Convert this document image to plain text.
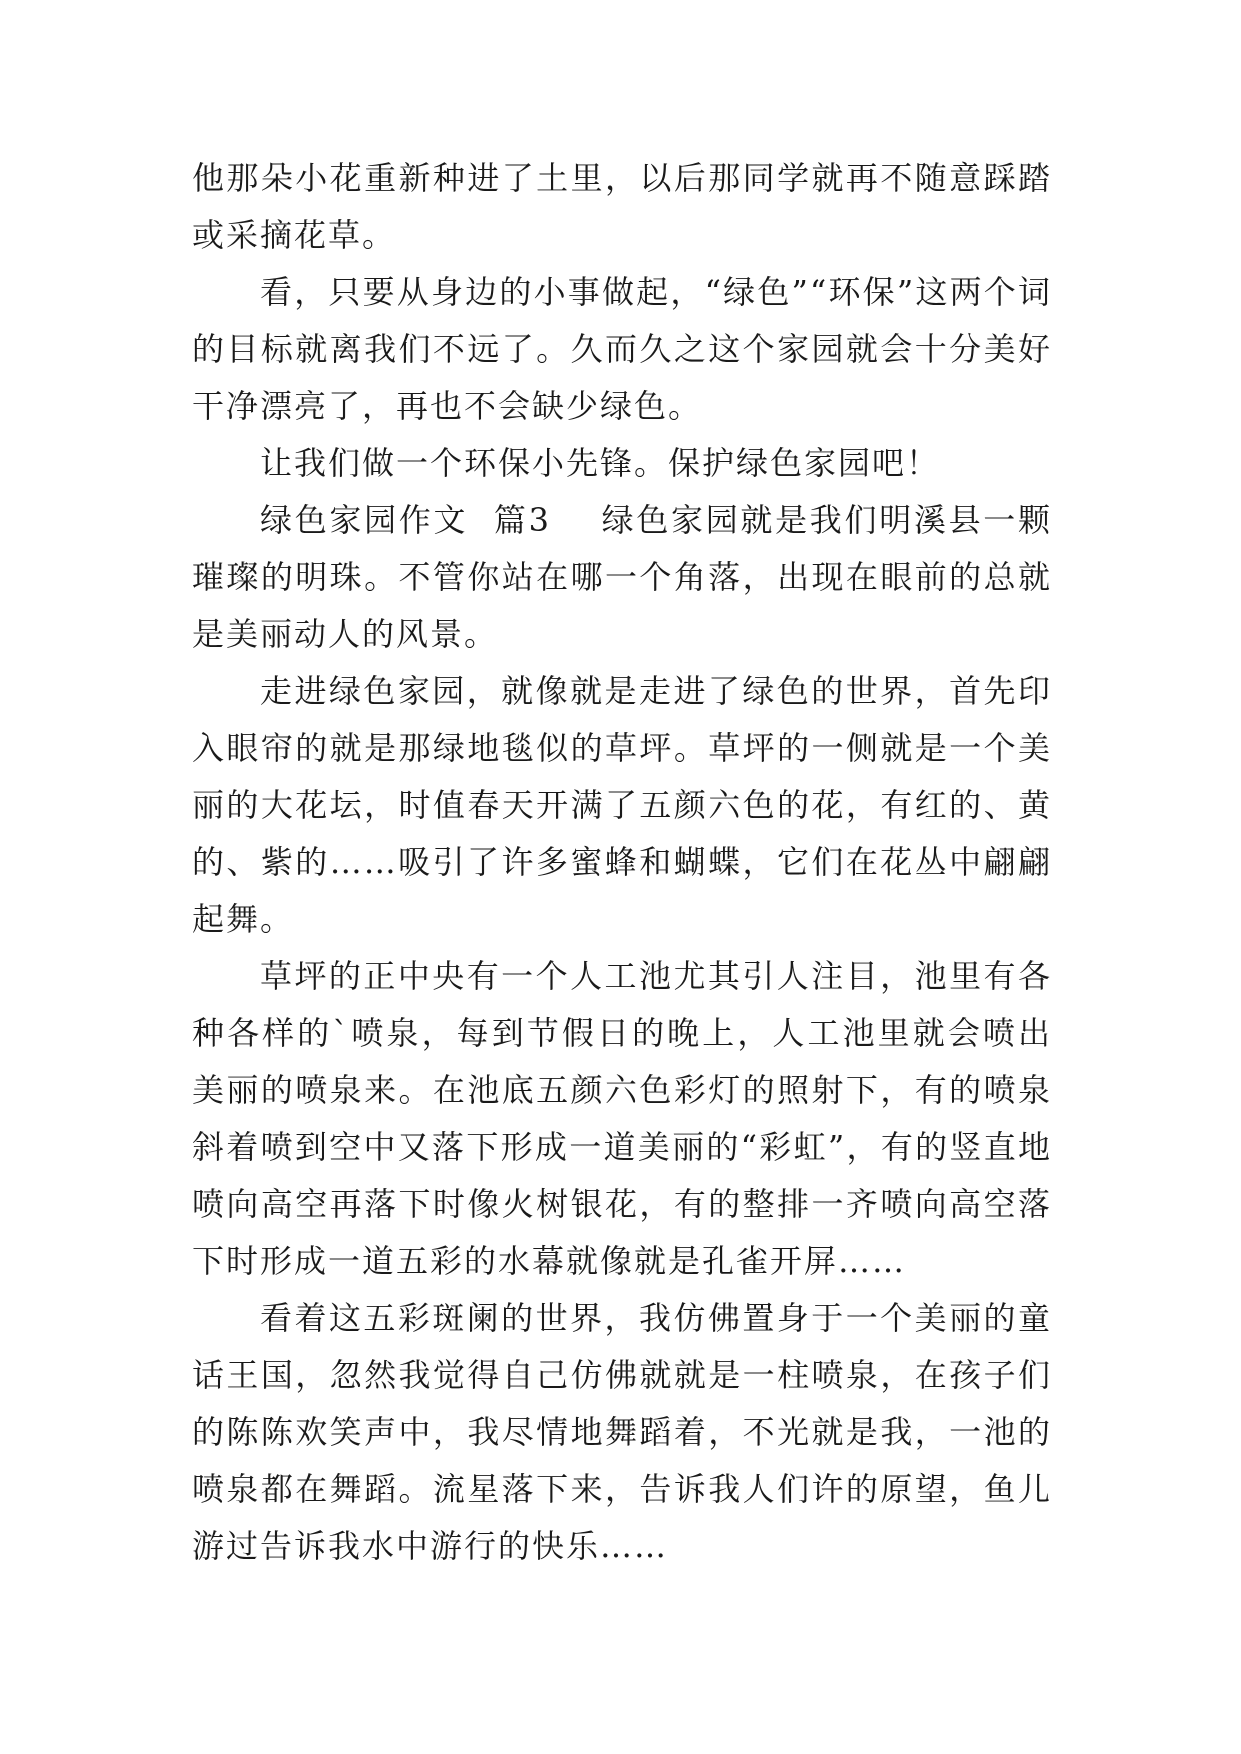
他那朵小花重新种进了土里，以后那同学就再不随意踩踏或采摘花草。

看，只要从身边的小事做起，“绿色”“环保”这两个词的目标就离我们不远了。久而久之这个家园就会十分美好干净漂亮了，再也不会缺少绿色。

让我们做一个环保小先锋。保护绿色家园吧！

绿色家园作文  篇3 绿色家园就是我们明溪县一颗璀璨的明珠。不管你站在哪一个角落，出现在眼前的总就是美丽动人的风景。

走进绿色家园，就像就是走进了绿色的世界，首先印入眼帘的就是那绿地毯似的草坪。草坪的一侧就是一个美丽的大花坛，时值春天开满了五颜六色的花，有红的、黄的、紫的……吸引了许多蜜蜂和蝴蝶，它们在花丛中翩翩起舞。

草坪的正中央有一个人工池尤其引人注目，池里有各种各样的`喷泉，每到节假日的晚上，人工池里就会喷出美丽的喷泉来。在池底五颜六色彩灯的照射下，有的喷泉斜着喷到空中又落下形成一道美丽的“彩虹”，有的竖直地喷向高空再落下时像火树银花，有的整排一齐喷向高空落下时形成一道五彩的水幕就像就是孔雀开屏……

看着这五彩斑阑的世界，我仿佛置身于一个美丽的童话王国，忽然我觉得自己仿佛就就是一柱喷泉，在孩子们的陈陈欢笑声中，我尽情地舞蹈着，不光就是我，一池的喷泉都在舞蹈。流星落下来，告诉我人们许的原望，鱼儿游过告诉我水中游行的快乐……
